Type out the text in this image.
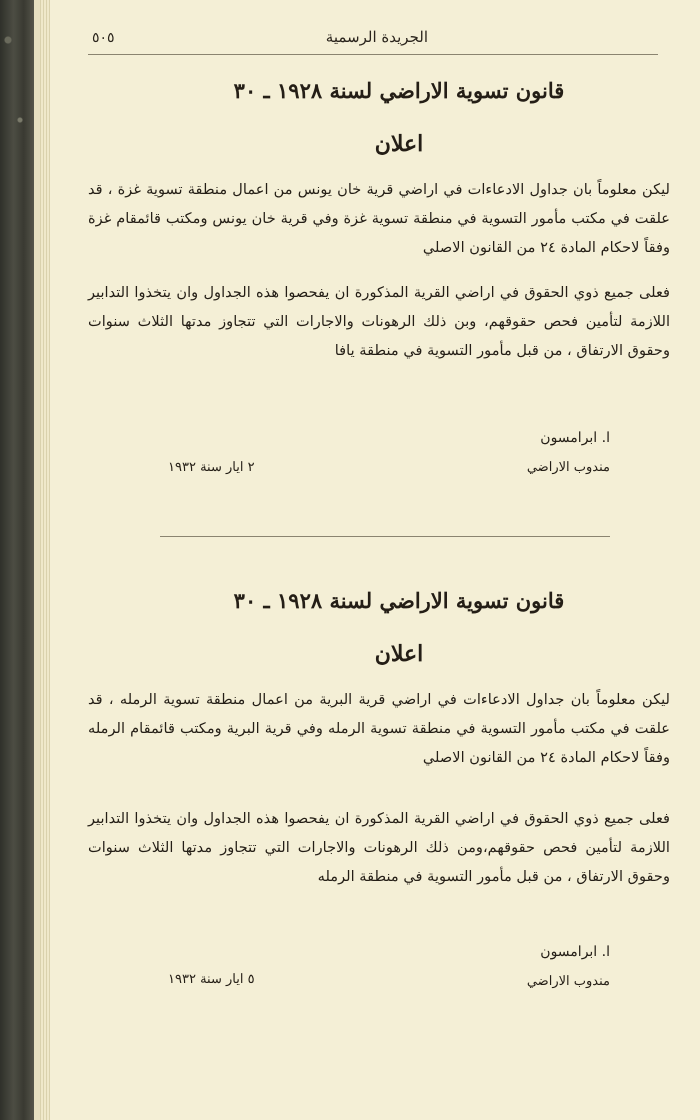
الجريدة الرسمية
٥٠٥
قانون تسوية الاراضي لسنة ١٩٢٨ ـ ٣٠
اعلان

ليكن معلوماً بان جداول الادعاءات في اراضي قرية خان يونس من اعمال منطقة تسوية غزة ، قد علقت في مكتب مأمور التسوية في منطقة تسوية غزة وفي قرية خان يونس ومكتب قائمقام غزة وفقاً لاحكام المادة ٢٤ من القانون الاصلي

فعلى جميع ذوي الحقوق في اراضي القرية المذكورة ان يفحصوا هذه الجداول وان يتخذوا التدابير اللازمة لتأمين فحص حقوقهم، وبن ذلك الرهونات والاجارات التي تتجاوز مدتها الثلاث سنوات وحقوق الارتفاق ، من قبل مأمور التسوية في منطقة يافا

ا. ابرامسون
مندوب الاراضي
٢ ايار سنة ١٩٣٢
قانون تسوية الاراضي لسنة ١٩٢٨ ـ ٣٠
اعلان

ليكن معلوماً بان جداول الادعاءات في اراضي قرية البرية من اعمال منطقة تسوية الرمله ، قد علقت في مكتب مأمور التسوية في منطقة تسوية الرمله وفي قرية البرية ومكتب قائمقام الرمله وفقاً لاحكام المادة ٢٤ من القانون الاصلي

فعلى جميع ذوي الحقوق في اراضي القرية المذكورة ان يفحصوا هذه الجداول وان يتخذوا التدابير اللازمة لتأمين فحص حقوقهم،ومن ذلك الرهونات والاجارات التي تتجاوز مدتها الثلاث سنوات وحقوق الارتفاق ، من قبل مأمور التسوية في منطقة الرمله

ا. ابرامسون
مندوب الاراضي
٥ ايار سنة ١٩٣٢
